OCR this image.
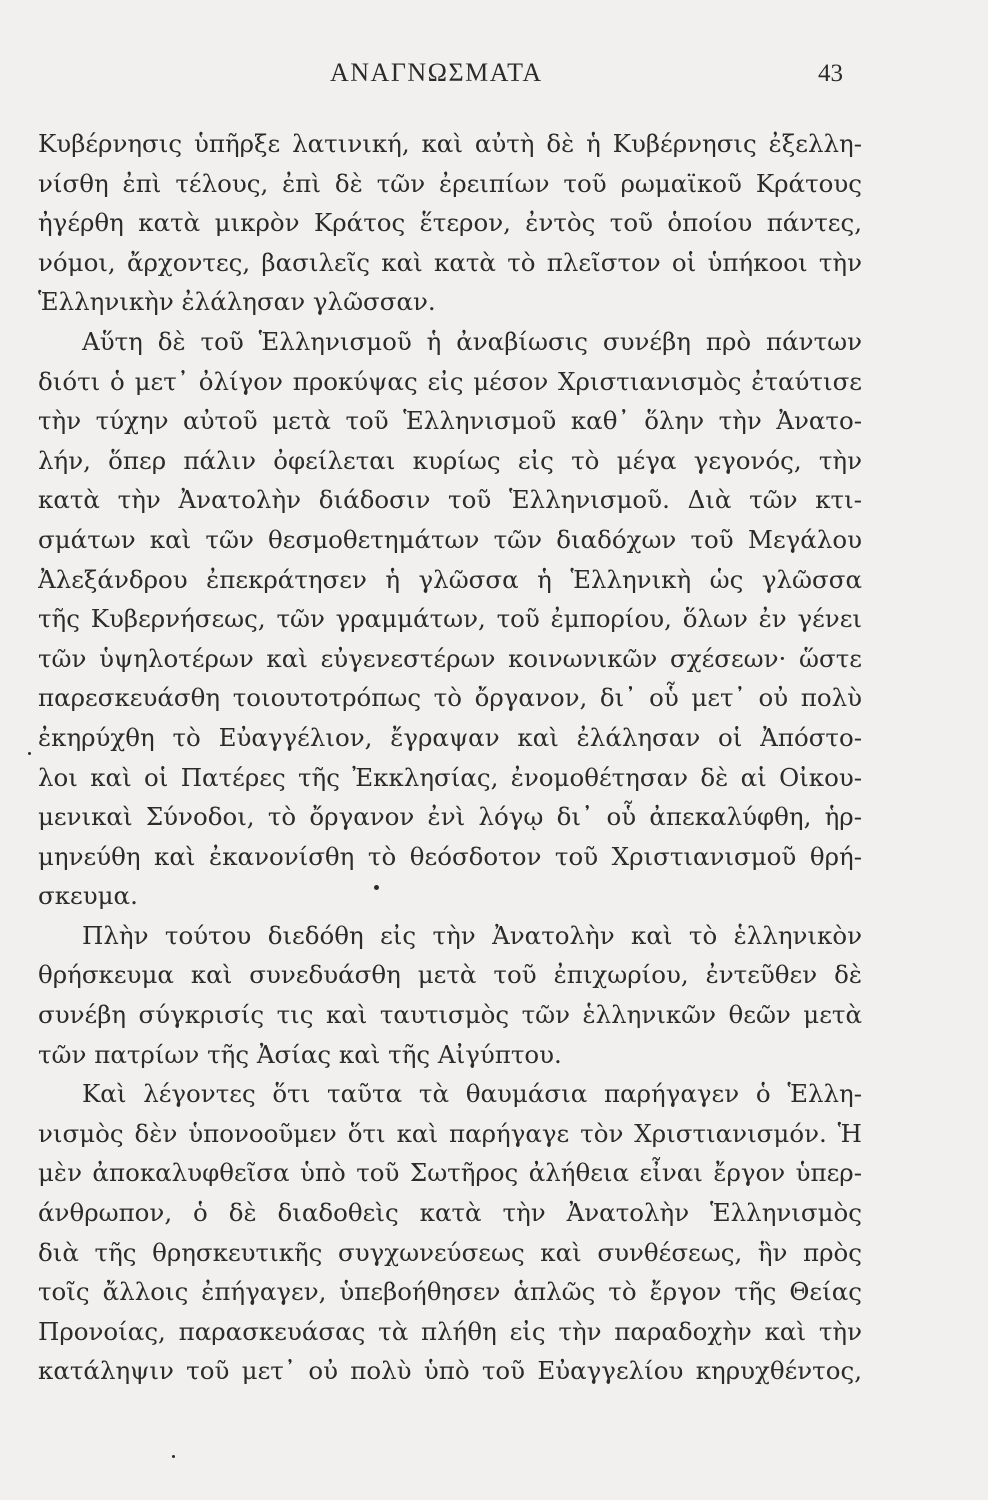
ΑΝΑΓΝΩΣΜΑΤΑ	43
Κυβέρνησις ὑπῆρξε λατινική, καὶ αὐτὴ δὲ ἡ Κυβέρνησις ἐξελλη-
νίσθη ἐπὶ τέλους, ἐπὶ δὲ τῶν ἐρειπίων τοῦ ρωμαϊκοῦ Κράτους
ἠγέρθη κατὰ μικρὸν Κράτος ἕτερον, ἐντὸς τοῦ ὁποίου πάντες,
νόμοι, ἄρχοντες, βασιλεῖς καὶ κατὰ τὸ πλεῖστον οἱ ὑπήκοοι τὴν
Ἑλληνικὴν ἐλάλησαν γλῶσσαν.
Αὕτη δὲ τοῦ Ἑλληνισμοῦ ἡ ἀναβίωσις συνέβη πρὸ πάντων
διότι ὁ μετ᾿ ὀλίγον προκύψας εἰς μέσον Χριστιανισμὸς ἐταύτισε
τὴν τύχην αὐτοῦ μετὰ τοῦ Ἑλληνισμοῦ καθ᾿ ὅλην τὴν Ἀνατο-
λήν, ὅπερ πάλιν ὀφείλεται κυρίως εἰς τὸ μέγα γεγονός, τὴν
κατὰ τὴν Ἀνατολὴν διάδοσιν τοῦ Ἑλληνισμοῦ. Διὰ τῶν κτι-
σμάτων καὶ τῶν θεσμοθετημάτων τῶν διαδόχων τοῦ Μεγάλου
Ἀλεξάνδρου ἐπεκράτησεν ἡ γλῶσσα ἡ Ἑλληνικὴ ὡς γλῶσσα
τῆς Κυβερνήσεως, τῶν γραμμάτων, τοῦ ἐμπορίου, ὅλων ἐν γένει
τῶν ὑψηλοτέρων καὶ εὐγενεστέρων κοινωνικῶν σχέσεων· ὥστε
παρεσκευάσθη τοιουτοτρόπως τὸ ὄργανον, δι᾿ οὗ μετ᾿ οὐ πολὺ
ἐκηρύχθη τὸ Εὐαγγέλιον, ἔγραψαν καὶ ἐλάλησαν οἱ Ἀπόστο-
λοι καὶ οἱ Πατέρες τῆς Ἐκκλησίας, ἐνομοθέτησαν δὲ αἱ Οἰκου-
μενικαὶ Σύνοδοι, τὸ ὄργανον ἐνὶ λόγῳ δι᾿ οὗ ἀπεκαλύφθη, ἡρ-
μηνεύθη καὶ ἐκανονίσθη τὸ θεόσδοτον τοῦ Χριστιανισμοῦ θρή-
σκευμα.
Πλὴν τούτου διεδόθη εἰς τὴν Ἀνατολὴν καὶ τὸ ἑλληνικὸν
θρήσκευμα καὶ συνεδυάσθη μετὰ τοῦ ἐπιχωρίου, ἐντεῦθεν δὲ
συνέβη σύγκρισίς τις καὶ ταυτισμὸς τῶν ἑλληνικῶν θεῶν μετὰ
τῶν πατρίων τῆς Ἀσίας καὶ τῆς Αἰγύπτου.
Καὶ λέγοντες ὅτι ταῦτα τὰ θαυμάσια παρήγαγεν ὁ Ἑλλη-
νισμὸς δὲν ὑπονοοῦμεν ὅτι καὶ παρήγαγε τὸν Χριστιανισμόν. Ἡ
μὲν ἀποκαλυφθεῖσα ὑπὸ τοῦ Σωτῆρος ἀλήθεια εἶναι ἔργον ὑπερ-
άνθρωπον, ὁ δὲ διαδοθεὶς κατὰ τὴν Ἀνατολὴν Ἑλληνισμὸς
διὰ τῆς θρησκευτικῆς συγχωνεύσεως καὶ συνθέσεως, ἣν πρὸς
τοῖς ἄλλοις ἐπήγαγεν, ὑπεβοήθησεν ἁπλῶς τὸ ἔργον τῆς Θείας
Προνοίας, παρασκευάσας τὰ πλήθη εἰς τὴν παραδοχὴν καὶ τὴν
κατάληψιν τοῦ μετ᾿ οὐ πολὺ ὑπὸ τοῦ Εὐαγγελίου κηρυχθέντος,
